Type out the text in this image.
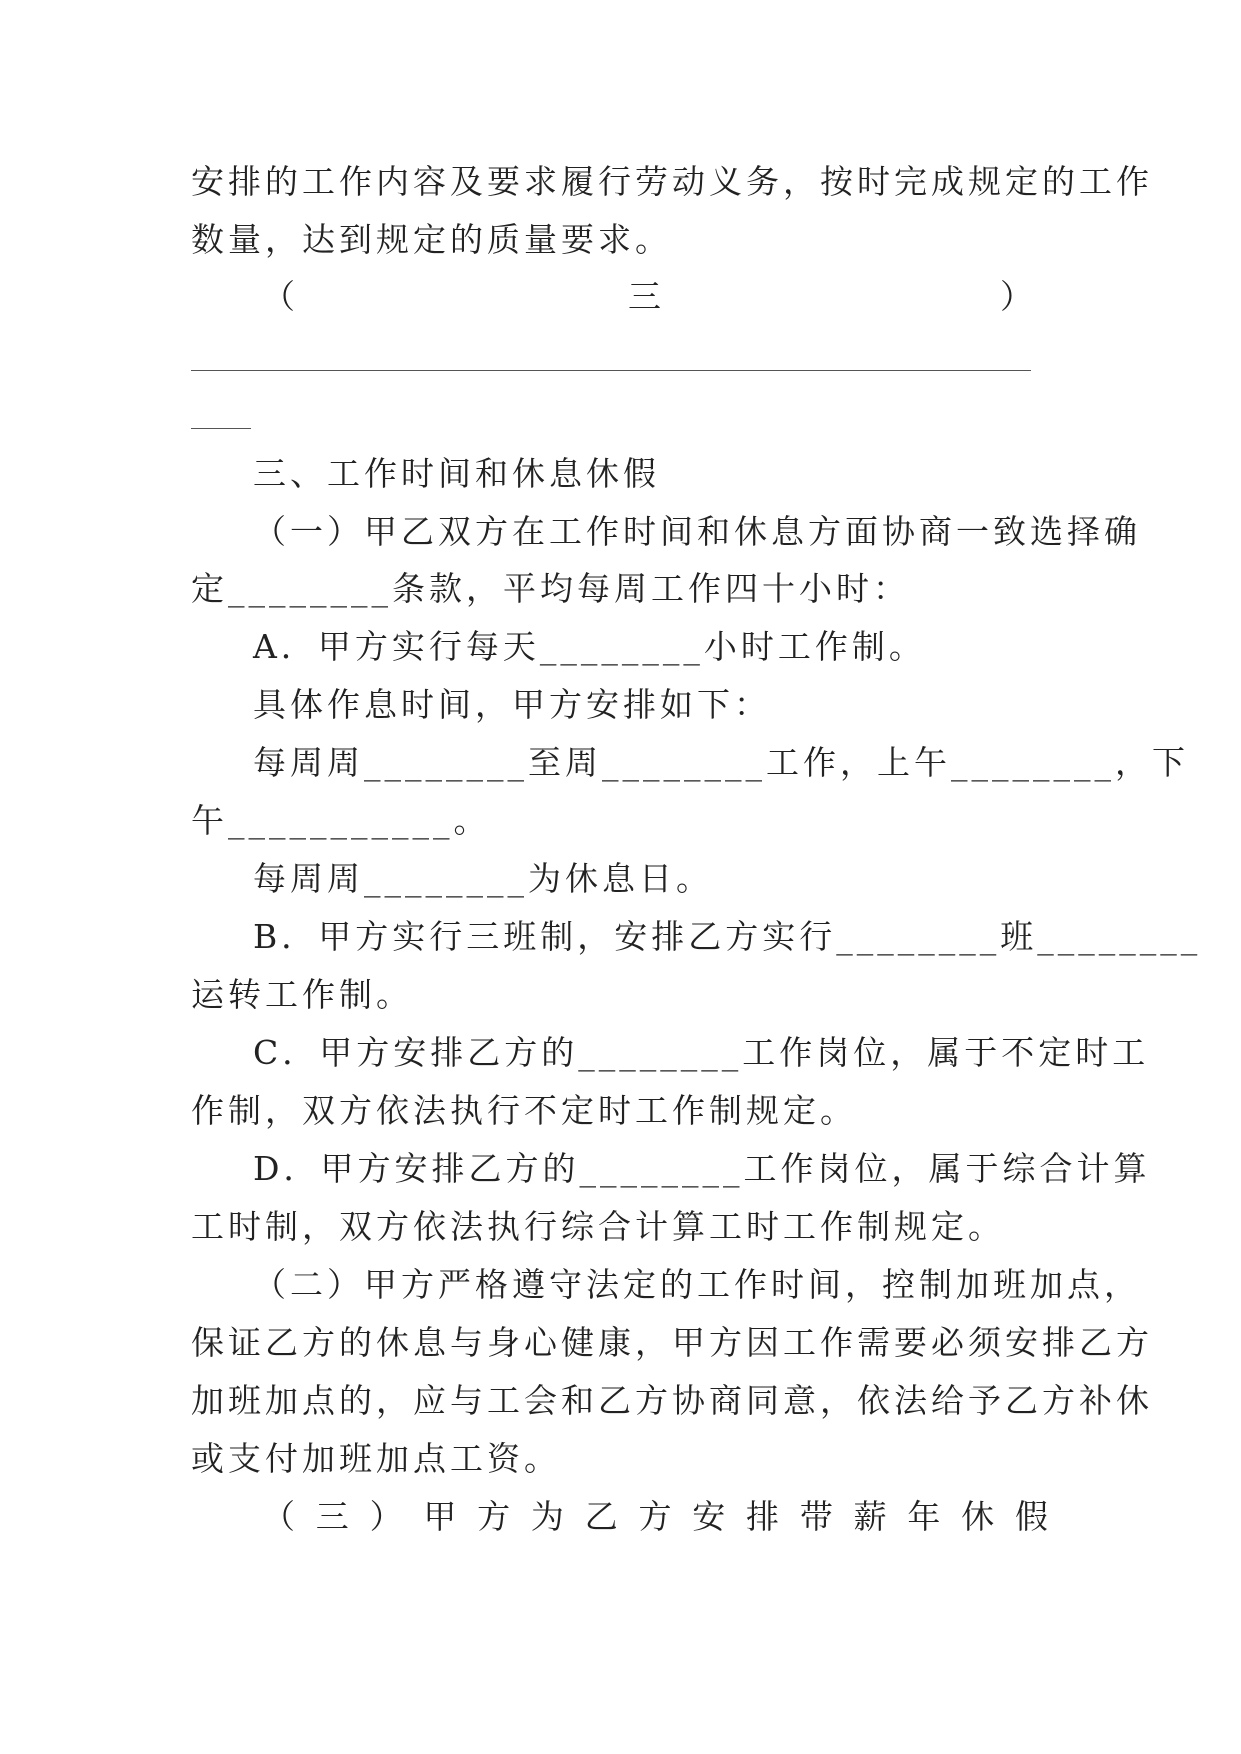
安排的工作内容及要求履行劳动义务，按时完成规定的工作
数量，达到规定的质量要求。
（	三	）
三、工作时间和休息休假
（一）甲乙双方在工作时间和休息方面协商一致选择确
定________条款，平均每周工作四十小时：
A．甲方实行每天________小时工作制。
具体作息时间，甲方安排如下：
每周周________至周________工作，上午________，下
午___________。
每周周________为休息日。
B．甲方实行三班制，安排乙方实行________班________
运转工作制。
C．甲方安排乙方的________工作岗位，属于不定时工
作制，双方依法执行不定时工作制规定。
D．甲方安排乙方的________工作岗位，属于综合计算
工时制，双方依法执行综合计算工时工作制规定。
（二）甲方严格遵守法定的工作时间，控制加班加点，
保证乙方的休息与身心健康，甲方因工作需要必须安排乙方
加班加点的，应与工会和乙方协商同意，依法给予乙方补休
或支付加班加点工资。
（ 三 ） 甲 方 为 乙 方 安 排 带 薪 年 休 假
